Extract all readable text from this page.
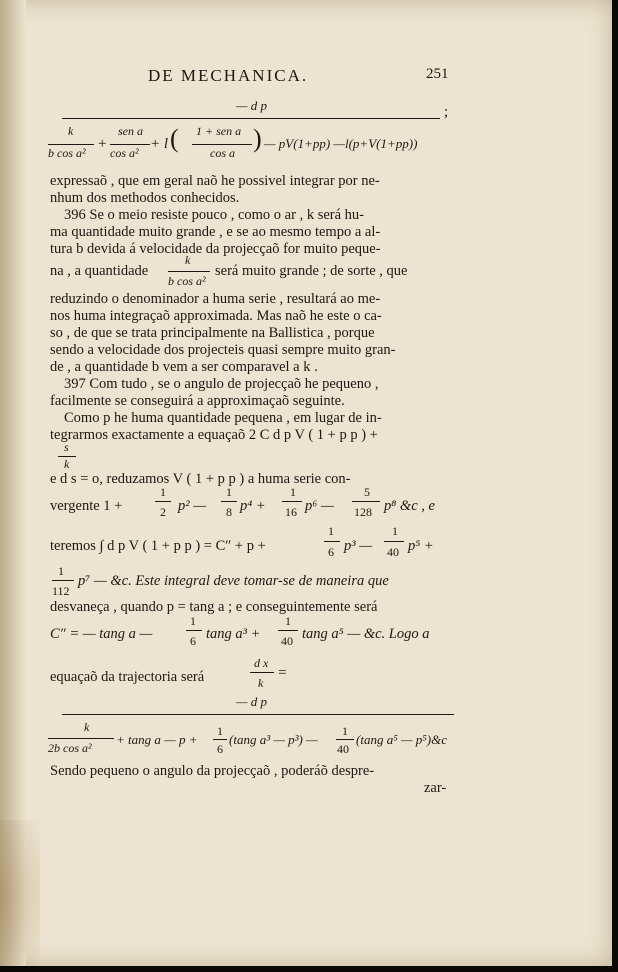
DE MECHANICA.	251
— d p	;
k
b cos a²
+
sen a
cos a²
+ l ( 1 + sen a
cos a ) — pV(1+pp) —l(p+V(1+pp))
expressaõ , que em geral naõ he possivel integrar por ne-
nhum dos methodos conhecidos.
396 Se o meio resiste pouco , como o ar , k será hu-
ma quantidade muito grande , e se ao mesmo tempo a al-
tura b devida á velocidade da projecçaõ for muito peque-
k
na , a quantidade
b cos a²
será muito grande ; de sorte , que
reduzindo o denominador a huma serie , resultará ao me-
nos huma integraçaõ approximada. Mas naõ he este o ca-
so , de que se trata principalmente na Ballistica , porque
sendo a velocidade dos projecteis quasi sempre muito gran-
de , a quantidade b vem a ser comparavel a k .
397 Com tudo , se o angulo de projecçaõ he pequeno ,
facilmente se conseguirá a approximaçaõ seguinte.
Como p he huma quantidade pequena , em lugar de in-
tegrarmos exactamente a equaçaõ 2 C d p V ( 1 + p p ) +
s
k
e d s = o, reduzamos V ( 1 + p p ) a huma serie con-
vergente 1 +
1
2 p² —
1
8 p⁴ +
1
16 p⁶ —
5
128 p⁸ &c , e
teremos ∫ d p V ( 1 + p p ) = C″ + p +
1
6 p³ —
1
40 p⁵ +
1
112
p⁷ — &c. Este integral deve tomar-se de maneira que
desvaneça , quando p = tang a ; e conseguintemente será
C″ = — tang a —
1
6 tang a³ +
1
40 tang a⁵ — &c. Logo a
equaçaõ da trajectoria será
d x
k
=
— d p
k
2b cos a²
+ tang a — p +
1
6
(tang a³ — p³) —
1
40
(tang a⁵ — p⁵)&c
Sendo pequeno o angulo da projecçaõ , poderáõ despre-
zar-
